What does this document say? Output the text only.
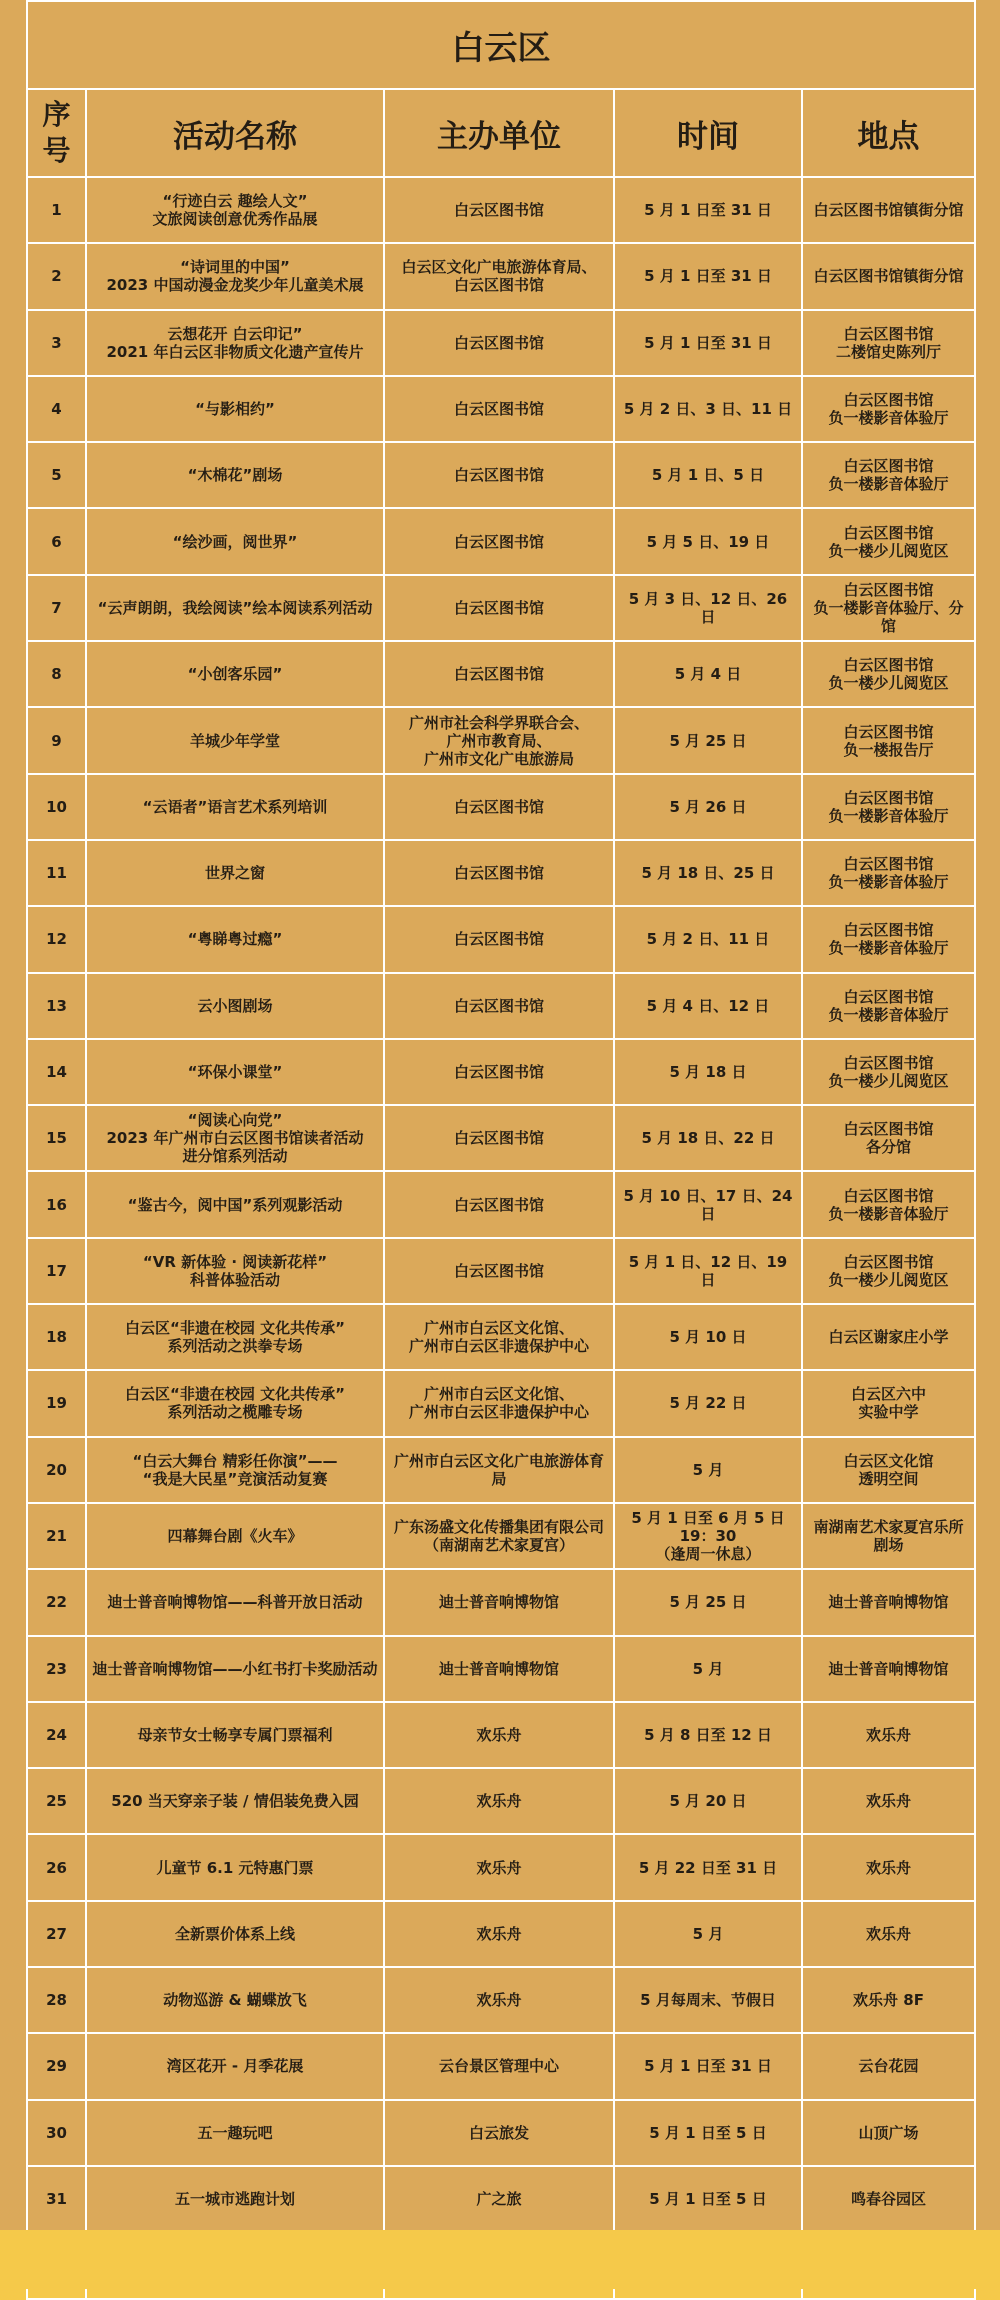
白云区				
序号	活动名称	主办单位	时间	地点
1	“行迹白云 趣绘人文”
文旅阅读创意优秀作品展	白云区图书馆	5 月 1 日至 31 日	白云区图书馆镇街分馆
2	“诗词里的中国”
2023 中国动漫金龙奖少年儿童美术展	白云区文化广电旅游体育局、
白云区图书馆	5 月 1 日至 31 日	白云区图书馆镇街分馆
3	云想花开 白云印记”
2021 年白云区非物质文化遗产宣传片	白云区图书馆	5 月 1 日至 31 日	白云区图书馆
二楼馆史陈列厅
4	“与影相约”	白云区图书馆	5 月 2 日、3 日、11 日	白云区图书馆
负一楼影音体验厅
5	“木棉花”剧场	白云区图书馆	5 月 1 日、5 日	白云区图书馆
负一楼影音体验厅
6	“绘沙画，阅世界”	白云区图书馆	5 月 5 日、19 日	白云区图书馆
负一楼少儿阅览区
7	“云声朗朗，我绘阅读”绘本阅读系列活动	白云区图书馆	5 月 3 日、12 日、26 日	白云区图书馆
负一楼影音体验厅、分馆
8	“小创客乐园”	白云区图书馆	5 月 4 日	白云区图书馆
负一楼少儿阅览区
9	羊城少年学堂	广州市社会科学界联合会、
广州市教育局、
广州市文化广电旅游局	5 月 25 日	白云区图书馆
负一楼报告厅
10	“云语者”语言艺术系列培训	白云区图书馆	5 月 26 日	白云区图书馆
负一楼影音体验厅
11	世界之窗	白云区图书馆	5 月 18 日、25 日	白云区图书馆
负一楼影音体验厅
12	“粤睇粤过瘾”	白云区图书馆	5 月 2 日、11 日	白云区图书馆
负一楼影音体验厅
13	云小图剧场	白云区图书馆	5 月 4 日、12 日	白云区图书馆
负一楼影音体验厅
14	“环保小课堂”	白云区图书馆	5 月 18 日	白云区图书馆
负一楼少儿阅览区
15	“阅读心向党”
2023 年广州市白云区图书馆读者活动
进分馆系列活动	白云区图书馆	5 月 18 日、22 日	白云区图书馆
各分馆
16	“鉴古今，阅中国”系列观影活动	白云区图书馆	5 月 10 日、17 日、24 日	白云区图书馆
负一楼影音体验厅
17	“VR 新体验 · 阅读新花样”
科普体验活动	白云区图书馆	5 月 1 日、12 日、19 日	白云区图书馆
负一楼少儿阅览区
18	白云区“非遗在校园 文化共传承”
系列活动之洪拳专场	广州市白云区文化馆、
广州市白云区非遗保护中心	5 月 10 日	白云区谢家庄小学
19	白云区“非遗在校园 文化共传承”
系列活动之榄雕专场	广州市白云区文化馆、
广州市白云区非遗保护中心	5 月 22 日	白云区六中
实验中学
20	“白云大舞台 精彩任你演”——
“我是大民星”竞演活动复赛	广州市白云区文化广电旅游体育局	5 月	白云区文化馆
透明空间
21	四幕舞台剧《火车》	广东汤盛文化传播集团有限公司
（南湖南艺术家夏宫）	5 月 1 日至 6 月 5 日
19：30
（逢周一休息）	南湖南艺术家夏宫乐所剧场
22	迪士普音响博物馆——科普开放日活动	迪士普音响博物馆	5 月 25 日	迪士普音响博物馆
23	迪士普音响博物馆——小红书打卡奖励活动	迪士普音响博物馆	5 月	迪士普音响博物馆
24	母亲节女士畅享专属门票福利	欢乐舟	5 月 8 日至 12 日	欢乐舟
25	520 当天穿亲子装 / 情侣装免费入园	欢乐舟	5 月 20 日	欢乐舟
26	儿童节 6.1 元特惠门票	欢乐舟	5 月 22 日至 31 日	欢乐舟
27	全新票价体系上线	欢乐舟	5 月	欢乐舟
28	动物巡游 & 蝴蝶放飞	欢乐舟	5 月每周末、节假日	欢乐舟 8F
29	湾区花开 - 月季花展	云台景区管理中心	5 月 1 日至 31 日	云台花园
30	五一趣玩吧	白云旅发	5 月 1 日至 5 日	山顶广场
31	五一城市逃跑计划	广之旅	5 月 1 日至 5 日	鸣春谷园区
